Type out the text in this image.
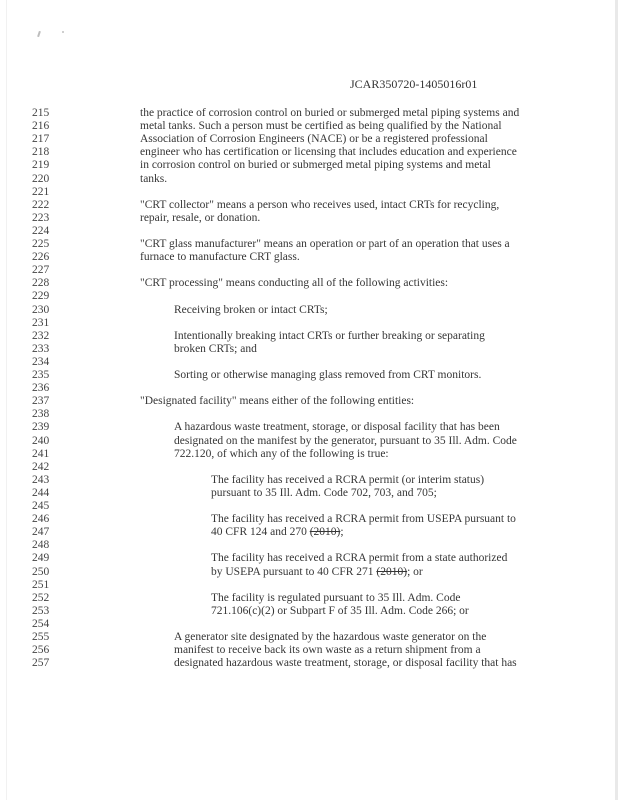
JCAR350720-1405016r01
215	the practice of corrosion control on buried or submerged metal piping systems and
216	metal tanks. Such a person must be certified as being qualified by the National
217	Association of Corrosion Engineers (NACE) or be a registered professional
218	engineer who has certification or licensing that includes education and experience
219	in corrosion control on buried or submerged metal piping systems and metal
220	tanks.
221
222	"CRT collector" means a person who receives used, intact CRTs for recycling,
223	repair, resale, or donation.
224
225	"CRT glass manufacturer" means an operation or part of an operation that uses a
226	furnace to manufacture CRT glass.
227
228	"CRT processing" means conducting all of the following activities:
229
230	Receiving broken or intact CRTs;
231
232	Intentionally breaking intact CRTs or further breaking or separating
233	broken CRTs; and
234
235	Sorting or otherwise managing glass removed from CRT monitors.
236
237	"Designated facility" means either of the following entities:
238
239	A hazardous waste treatment, storage, or disposal facility that has been
240	designated on the manifest by the generator, pursuant to 35 Ill. Adm. Code
241	722.120, of which any of the following is true:
242
243	The facility has received a RCRA permit (or interim status)
244	pursuant to 35 Ill. Adm. Code 702, 703, and 705;
245
246	The facility has received a RCRA permit from USEPA pursuant to
247	40 CFR 124 and 270 (2010);
248
249	The facility has received a RCRA permit from a state authorized
250	by USEPA pursuant to 40 CFR 271 (2010); or
251
252	The facility is regulated pursuant to 35 Ill. Adm. Code
253	721.106(c)(2) or Subpart F of 35 Ill. Adm. Code 266; or
254
255	A generator site designated by the hazardous waste generator on the
256	manifest to receive back its own waste as a return shipment from a
257	designated hazardous waste treatment, storage, or disposal facility that has
